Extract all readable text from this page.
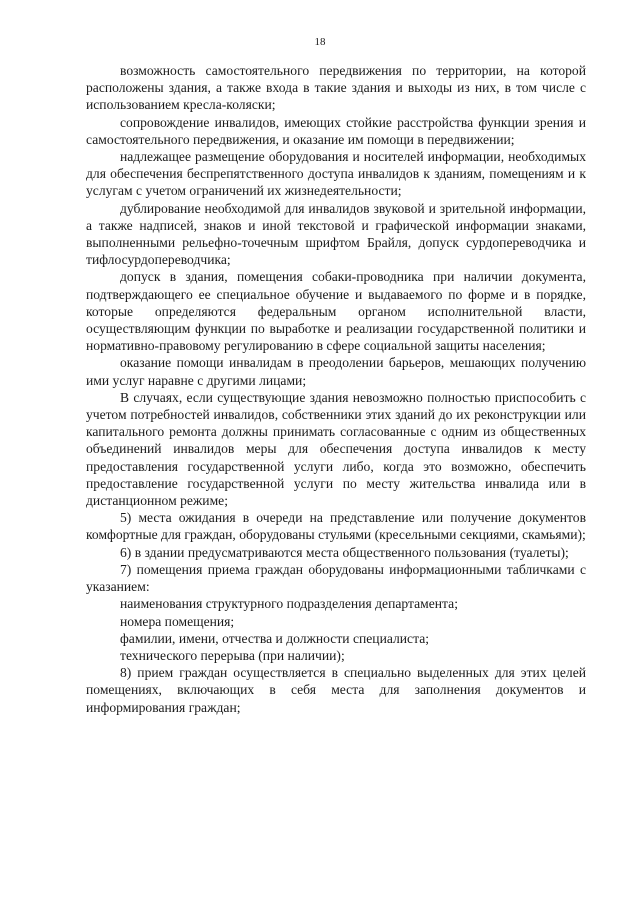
18

возможность самостоятельного передвижения по территории, на которой расположены здания, а также входа в такие здания и выходы из них, в том числе с использованием кресла-коляски;

сопровождение инвалидов, имеющих стойкие расстройства функции зрения и самостоятельного передвижения, и оказание им помощи в передвижении;

надлежащее размещение оборудования и носителей информации, необходимых для обеспечения беспрепятственного доступа инвалидов к зданиям, помещениям и к услугам с учетом ограничений их жизнедеятельности;

дублирование необходимой для инвалидов звуковой и зрительной информации, а также надписей, знаков и иной текстовой и графической информации знаками, выполненными рельефно-точечным шрифтом Брайля, допуск сурдопереводчика и тифлосурдопереводчика;

допуск в здания, помещения собаки-проводника при наличии документа, подтверждающего ее специальное обучение и выдаваемого по форме и в порядке, которые определяются федеральным органом исполнительной власти, осуществляющим функции по выработке и реализации государственной политики и нормативно-правовому регулированию в сфере социальной защиты населения;

оказание помощи инвалидам в преодолении барьеров, мешающих получению ими услуг наравне с другими лицами;

В случаях, если существующие здания невозможно полностью приспособить с учетом потребностей инвалидов, собственники этих зданий до их реконструкции или капитального ремонта должны принимать согласованные с одним из общественных объединений инвалидов меры для обеспечения доступа инвалидов к месту предоставления государственной услуги либо, когда это возможно, обеспечить предоставление государственной услуги по месту жительства инвалида или в дистанционном режиме;

5) места ожидания в очереди на представление или получение документов комфортные для граждан, оборудованы стульями (кресельными секциями, скамьями);

6) в здании предусматриваются места общественного пользования (туалеты);

7) помещения приема граждан оборудованы информационными табличками с указанием:

наименования структурного подразделения департамента;

номера помещения;

фамилии, имени, отчества и должности специалиста;

технического перерыва (при наличии);

8) прием граждан осуществляется в специально выделенных для этих целей помещениях, включающих в себя места для заполнения документов и информирования граждан;
